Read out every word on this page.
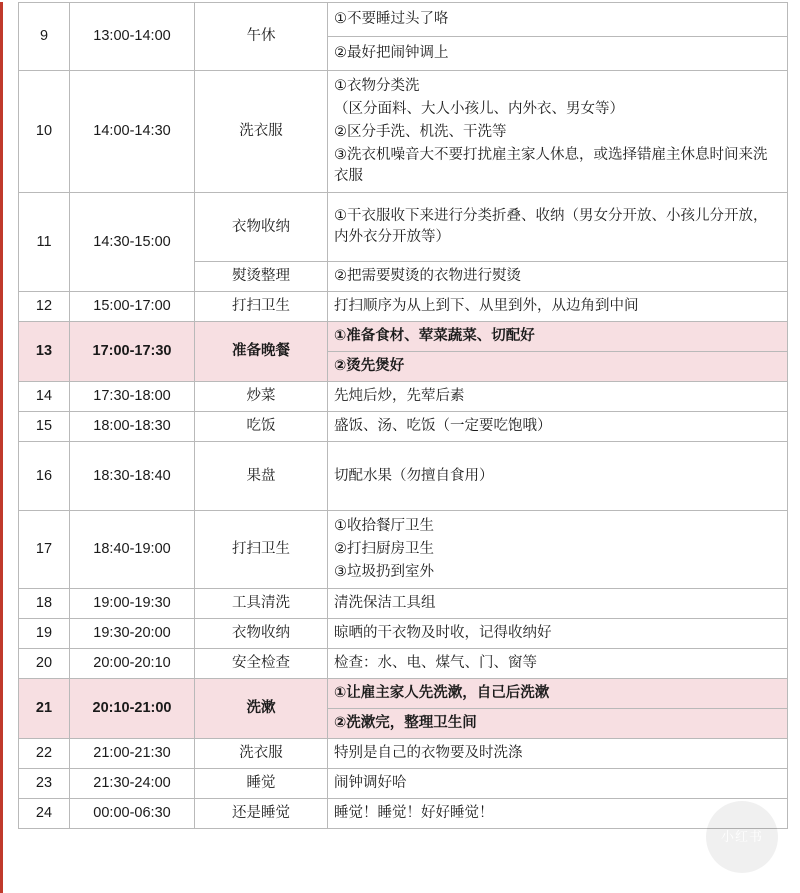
9	13:00-14:00	午休	①不要睡过头了咯
②最好把闹钟调上

10	14:00-14:30	洗衣服	①衣物分类洗
（区分面料、大人小孩儿、内外衣、男女等）
②区分手洗、机洗、干洗等
③洗衣机噪音大不要打扰雇主家人休息，或选择错雇主休息时间来洗衣服

11	14:30-15:00	衣物收纳	①干衣服收下来进行分类折叠、收纳（男女分开放、小孩儿分开放，内外衣分开放等）
		熨烫整理	②把需要熨烫的衣物进行熨烫
12	15:00-17:00	打扫卫生	打扫顺序为从上到下、从里到外，从边角到中间
13	17:00-17:30	准备晚餐	①准备食材、荤菜蔬菜、切配好
			②烫先煲好
14	17:30-18:00	炒菜	先炖后炒，先荤后素
15	18:00-18:30	吃饭	盛饭、汤、吃饭（一定要吃饱哦）
16	18:30-18:40	果盘	切配水果（勿擅自食用）
17	18:40-19:00	打扫卫生	①收拾餐厅卫生
②打扫厨房卫生
③垃圾扔到室外

18	19:00-19:30	工具清洗	清洗保洁工具组
19	19:30-20:00	衣物收纳	晾晒的干衣物及时收，记得收纳好
20	20:00-20:10	安全检查	检查：水、电、煤气、门、窗等
21	20:10-21:00	洗漱	①让雇主家人先洗漱，自己后洗漱
			②洗漱完，整理卫生间
22	21:00-21:30	洗衣服	特别是自己的衣物要及时洗涤
23	21:30-24:00	睡觉	闹钟调好哈
24	00:00-06:30	还是睡觉	睡觉！睡觉！好好睡觉！
小红书
